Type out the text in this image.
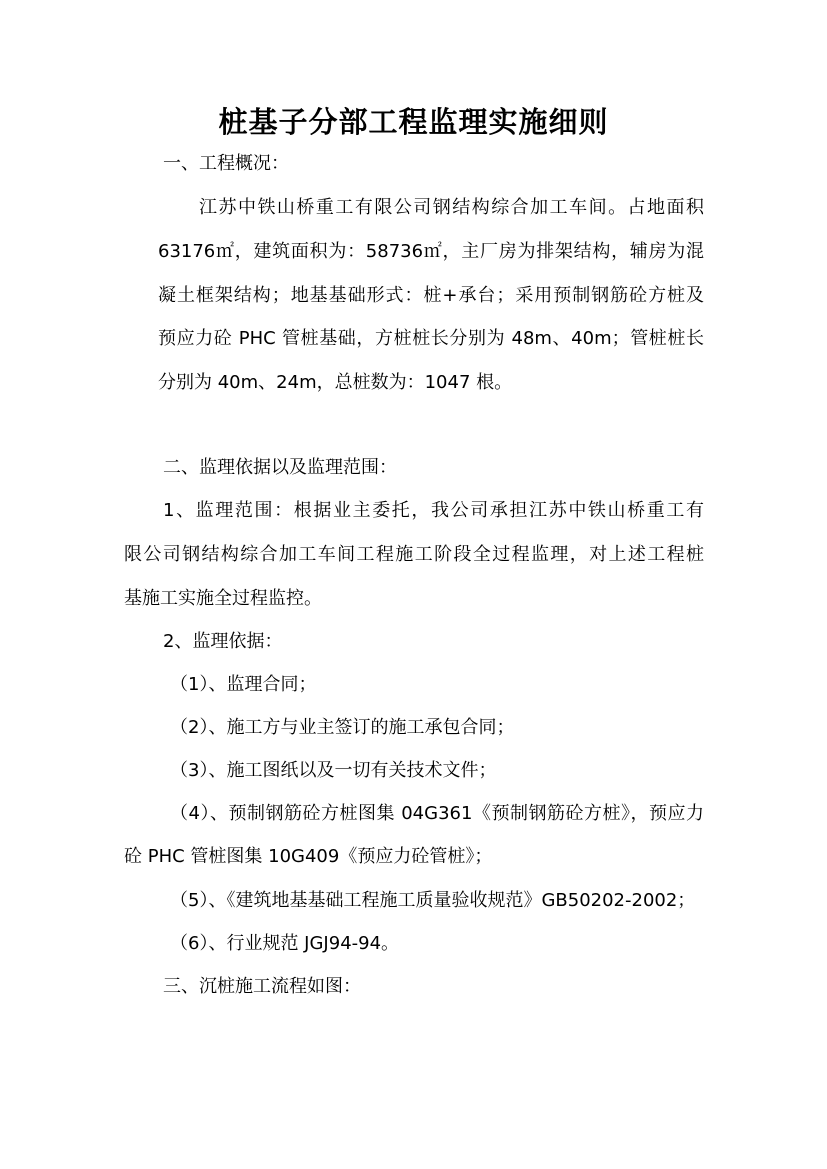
桩基子分部工程监理实施细则
一、工程概况：
江苏中铁山桥重工有限公司钢结构综合加工车间。占地面积
63176㎡，建筑面积为：58736㎡，主厂房为排架结构，辅房为混
凝土框架结构；地基基础形式：桩+承台；采用预制钢筋砼方桩及
预应力砼 PHC 管桩基础，方桩桩长分别为 48m、40m；管桩桩长
分别为 40m、24m，总桩数为：1047 根。
二、监理依据以及监理范围：
1、监理范围：根据业主委托，我公司承担江苏中铁山桥重工有
限公司钢结构综合加工车间工程施工阶段全过程监理，对上述工程桩
基施工实施全过程监控。
2、监理依据：
（1）、监理合同；
（2）、施工方与业主签订的施工承包合同；
（3）、施工图纸以及一切有关技术文件；
（4）、预制钢筋砼方桩图集 04G361《预制钢筋砼方桩》，预应力
砼 PHC 管桩图集 10G409《预应力砼管桩》；
（5）、《建筑地基基础工程施工质量验收规范》GB50202-2002；
（6）、行业规范 JGJ94-94。
三、沉桩施工流程如图：
